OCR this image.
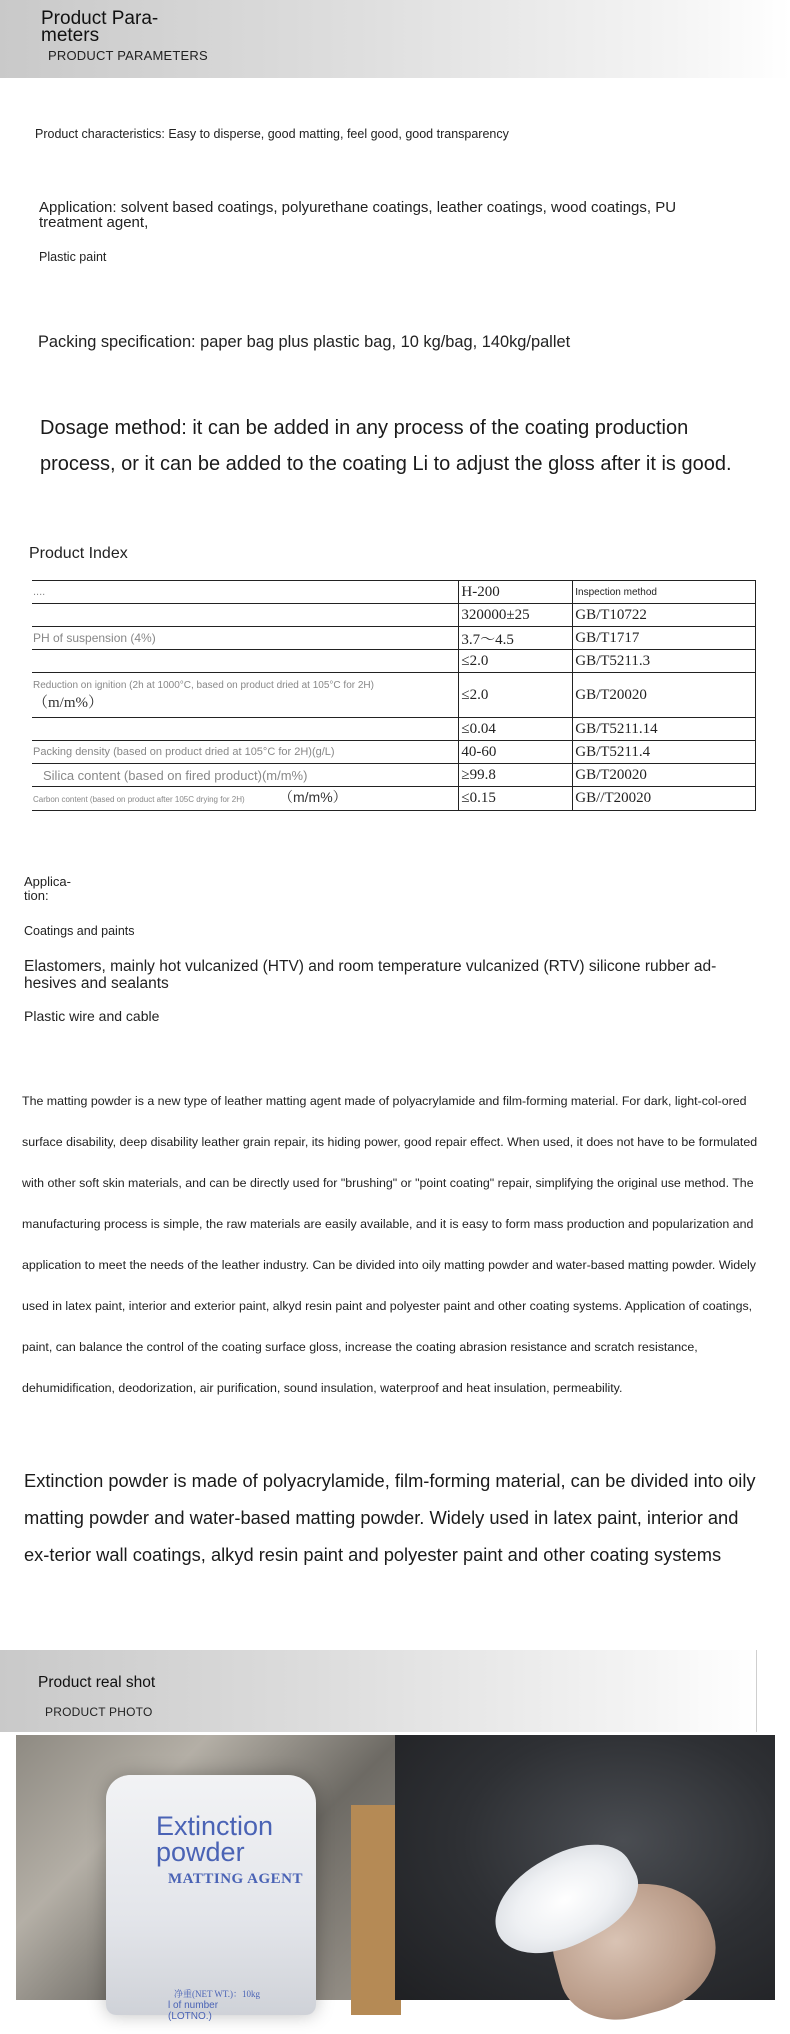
Product Para-
meters
PRODUCT PARAMETERS
Product characteristics: Easy to disperse, good matting, feel good, good transparency
Application: solvent based coatings, polyurethane coatings, leather coatings, wood coatings, PU treatment agent,
Plastic paint
Packing specification: paper bag plus plastic bag, 10 kg/bag, 140kg/pallet
Dosage method: it can be added in any process of the coating production process, or it can be added to the coating Li to adjust the gloss after it is good.
Product Index
....	H-200	Inspection method
	320000±25	GB/T10722
PH of suspension (4%)	3.7～4.5	GB/T1717
	≤2.0	GB/T5211.3
Reduction on ignition (2h at 1000°C, based on product dried at 105°C for 2H)
（m/m%）	≤2.0	GB/T20020
	≤0.04	GB/T5211.14
Packing density (based on product dried at 105°C for 2H)(g/L)	40-60	GB/T5211.4
Silica content (based on fired product)(m/m%)	≥99.8	GB/T20020
Carbon content (based on product after 105C drying for 2H) （m/m%）	≤0.15	GB//T20020
Applica-
tion:
Coatings and paints
Elastomers, mainly hot vulcanized (HTV) and room temperature vulcanized (RTV) silicone rubber ad-
hesives and sealants
Plastic wire and cable
The matting powder is a new type of leather matting agent made of polyacrylamide and film-forming material. For dark, light-col-ored surface disability, deep disability leather grain repair, its hiding power, good repair effect. When used, it does not have to be formulated with other soft skin materials, and can be directly used for "brushing" or "point coating" repair, simplifying the original use method. The manufacturing process is simple, the raw materials are easily available, and it is easy to form mass production and popularization and application to meet the needs of the leather industry. Can be divided into oily matting powder and water-based matting powder. Widely used in latex paint, interior and exterior paint, alkyd resin paint and polyester paint and other coating systems. Application of coatings, paint, can balance the control of the coating surface gloss, increase the coating abrasion resistance and scratch resistance, dehumidification, deodorization, air purification, sound insulation, waterproof and heat insulation, permeability.
Extinction powder is made of polyacrylamide, film-forming material, can be divided into oily matting powder and water-based matting powder. Widely used in latex paint, interior and ex-terior wall coatings, alkyd resin paint and polyester paint and other coating systems
Product real shot
PRODUCT PHOTO
Extinction
powder
MATTING AGENT
净重(NET WT.)：10kg
l of number
(LOTNO.)
